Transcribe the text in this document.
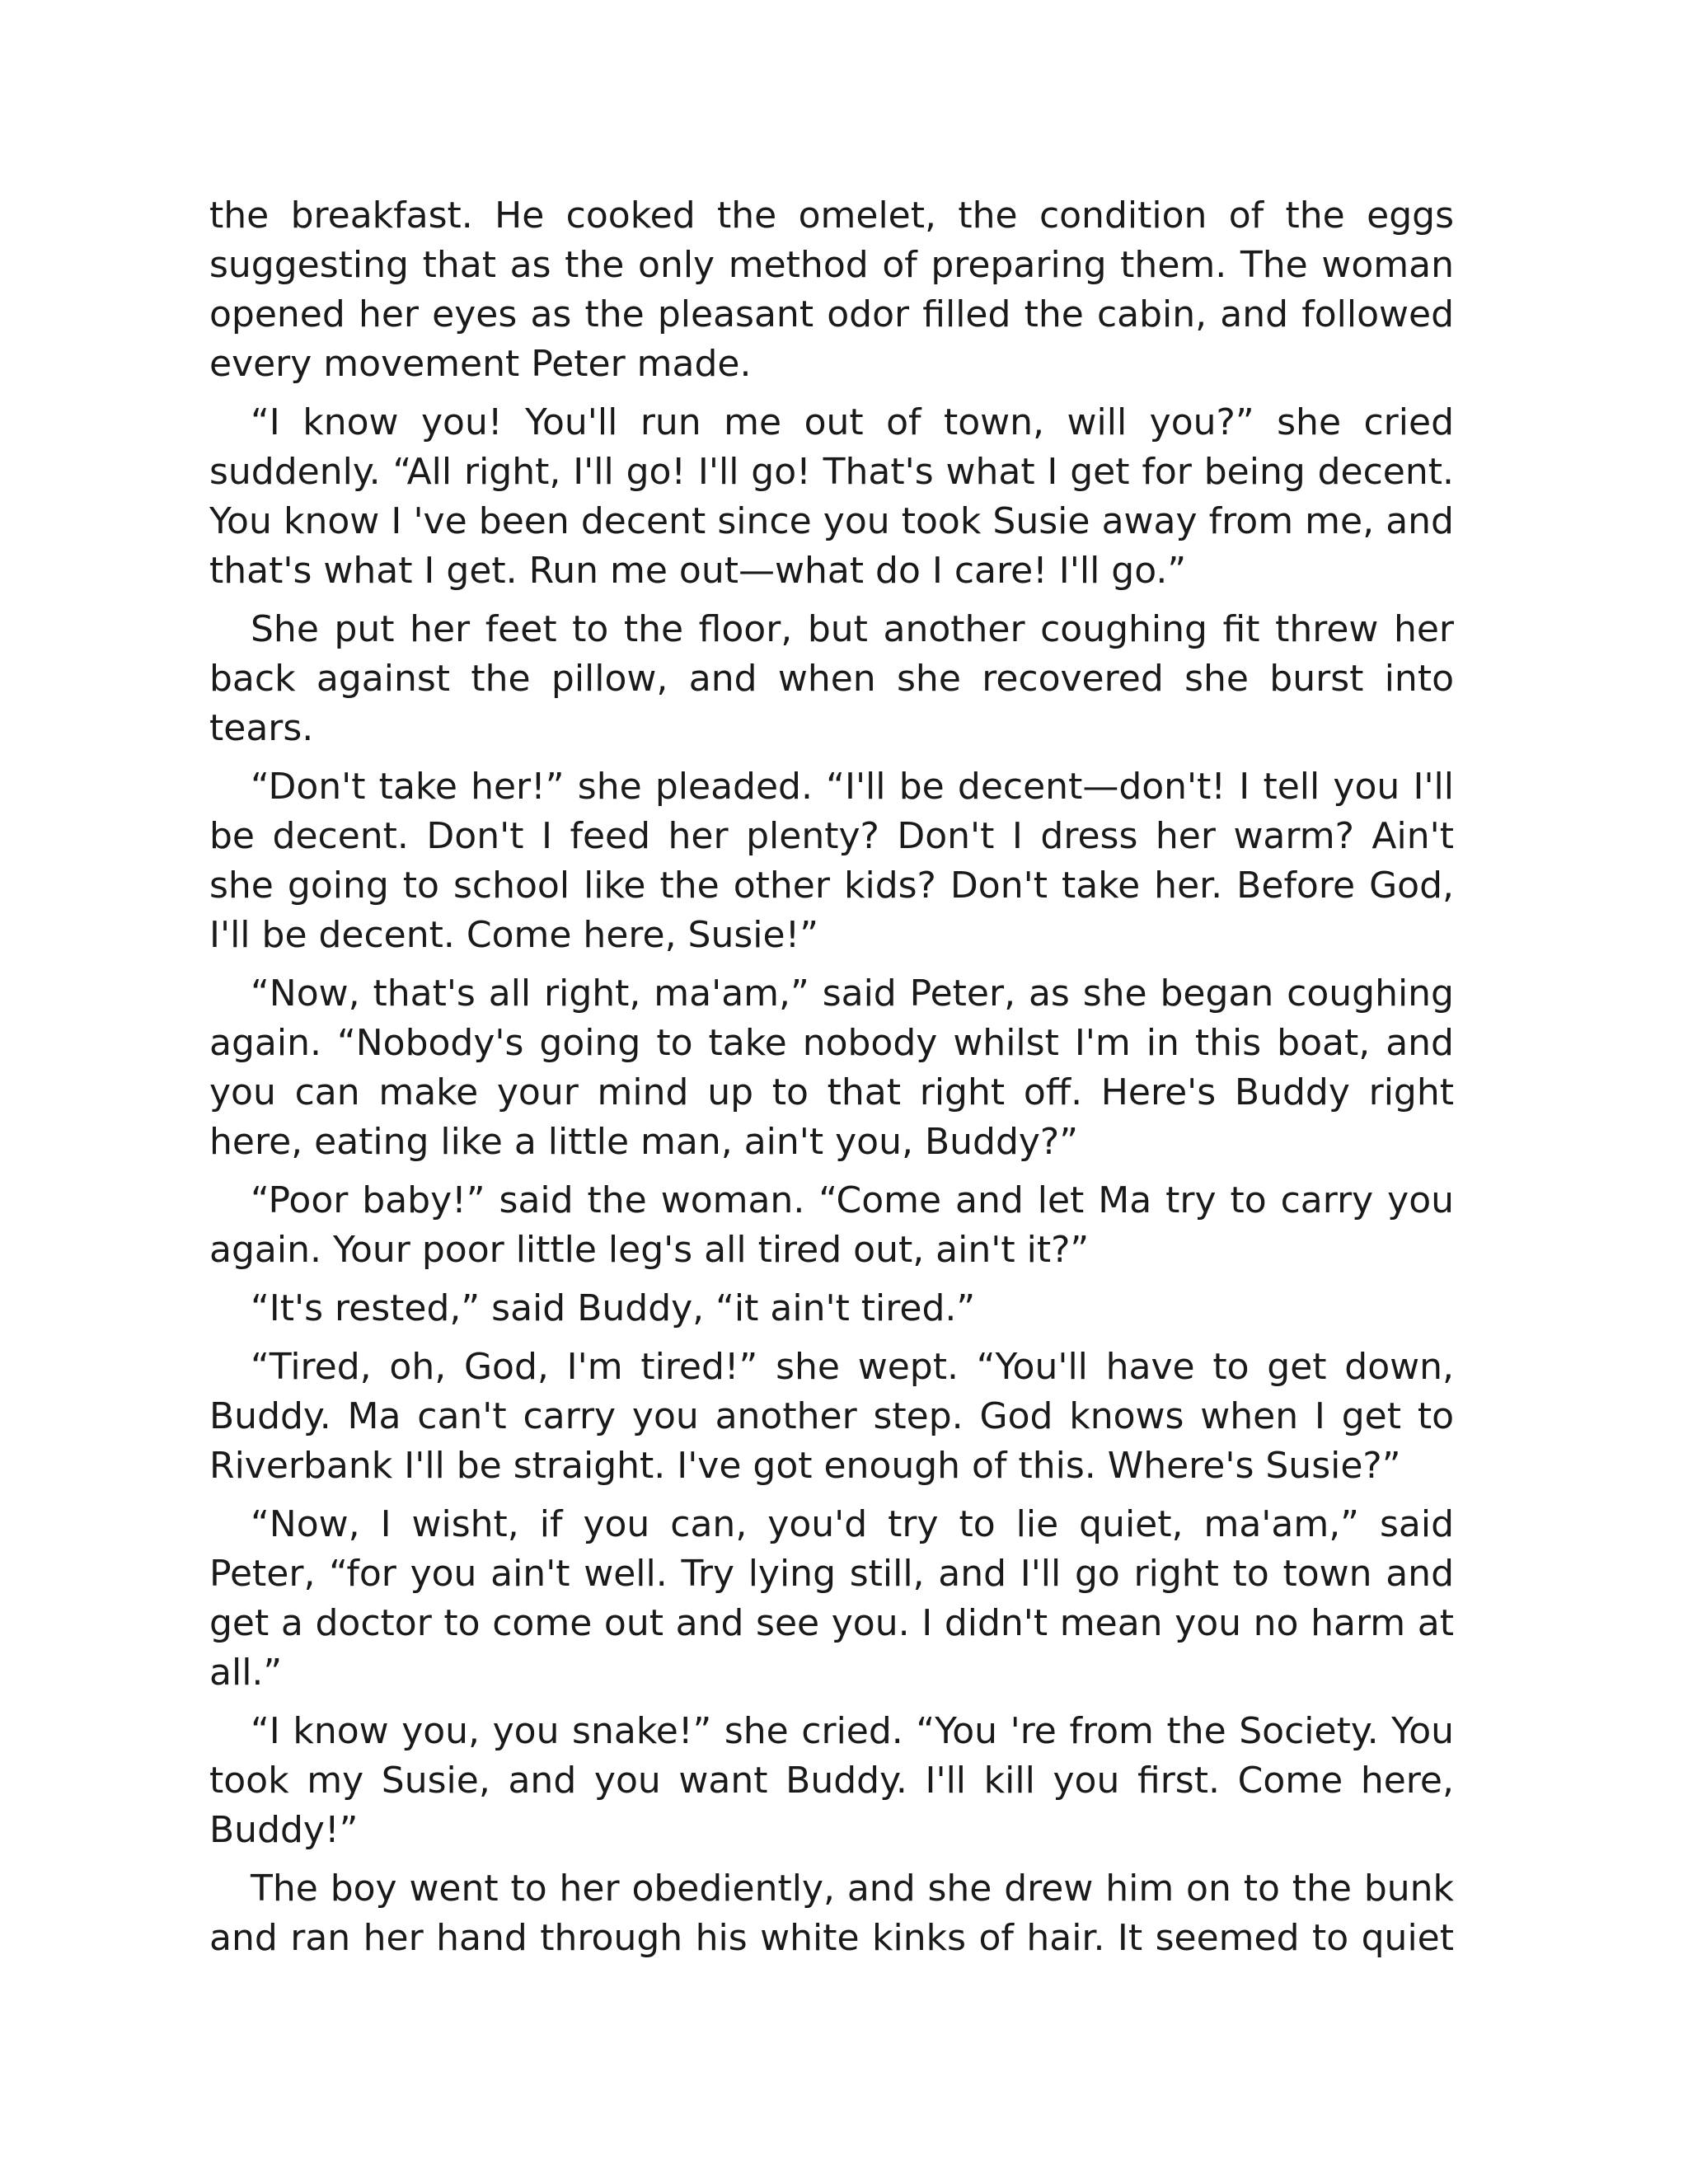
the breakfast. He cooked the omelet, the condition of the eggs suggesting that as the only method of preparing them. The woman opened her eyes as the pleasant odor filled the cabin, and followed every movement Peter made.

“I know you! You'll run me out of town, will you?” she cried suddenly. “All right, I'll go! I'll go! That's what I get for being decent. You know I 've been decent since you took Susie away from me, and that's what I get. Run me out—what do I care! I'll go.”

She put her feet to the floor, but another coughing fit threw her back against the pillow, and when she recovered she burst into tears.

“Don't take her!” she pleaded. “I'll be decent—don't! I tell you I'll be decent. Don't I feed her plenty? Don't I dress her warm? Ain't she going to school like the other kids? Don't take her. Before God, I'll be decent. Come here, Susie!”

“Now, that's all right, ma'am,” said Peter, as she began coughing again. “Nobody's going to take nobody whilst I'm in this boat, and you can make your mind up to that right off. Here's Buddy right here, eating like a little man, ain't you, Buddy?”

“Poor baby!” said the woman. “Come and let Ma try to carry you again. Your poor little leg's all tired out, ain't it?”

“It's rested,” said Buddy, “it ain't tired.”

“Tired, oh, God, I'm tired!” she wept. “You'll have to get down, Buddy. Ma can't carry you another step. God knows when I get to Riverbank I'll be straight. I've got enough of this. Where's Susie?”

“Now, I wisht, if you can, you'd try to lie quiet, ma'am,” said Peter, “for you ain't well. Try lying still, and I'll go right to town and get a doctor to come out and see you. I didn't mean you no harm at all.”

“I know you, you snake!” she cried. “You 're from the Society. You took my Susie, and you want Buddy. I'll kill you first. Come here, Buddy!”

The boy went to her obediently, and she drew him on to the bunk and ran her hand through his white kinks of hair. It seemed to quiet
